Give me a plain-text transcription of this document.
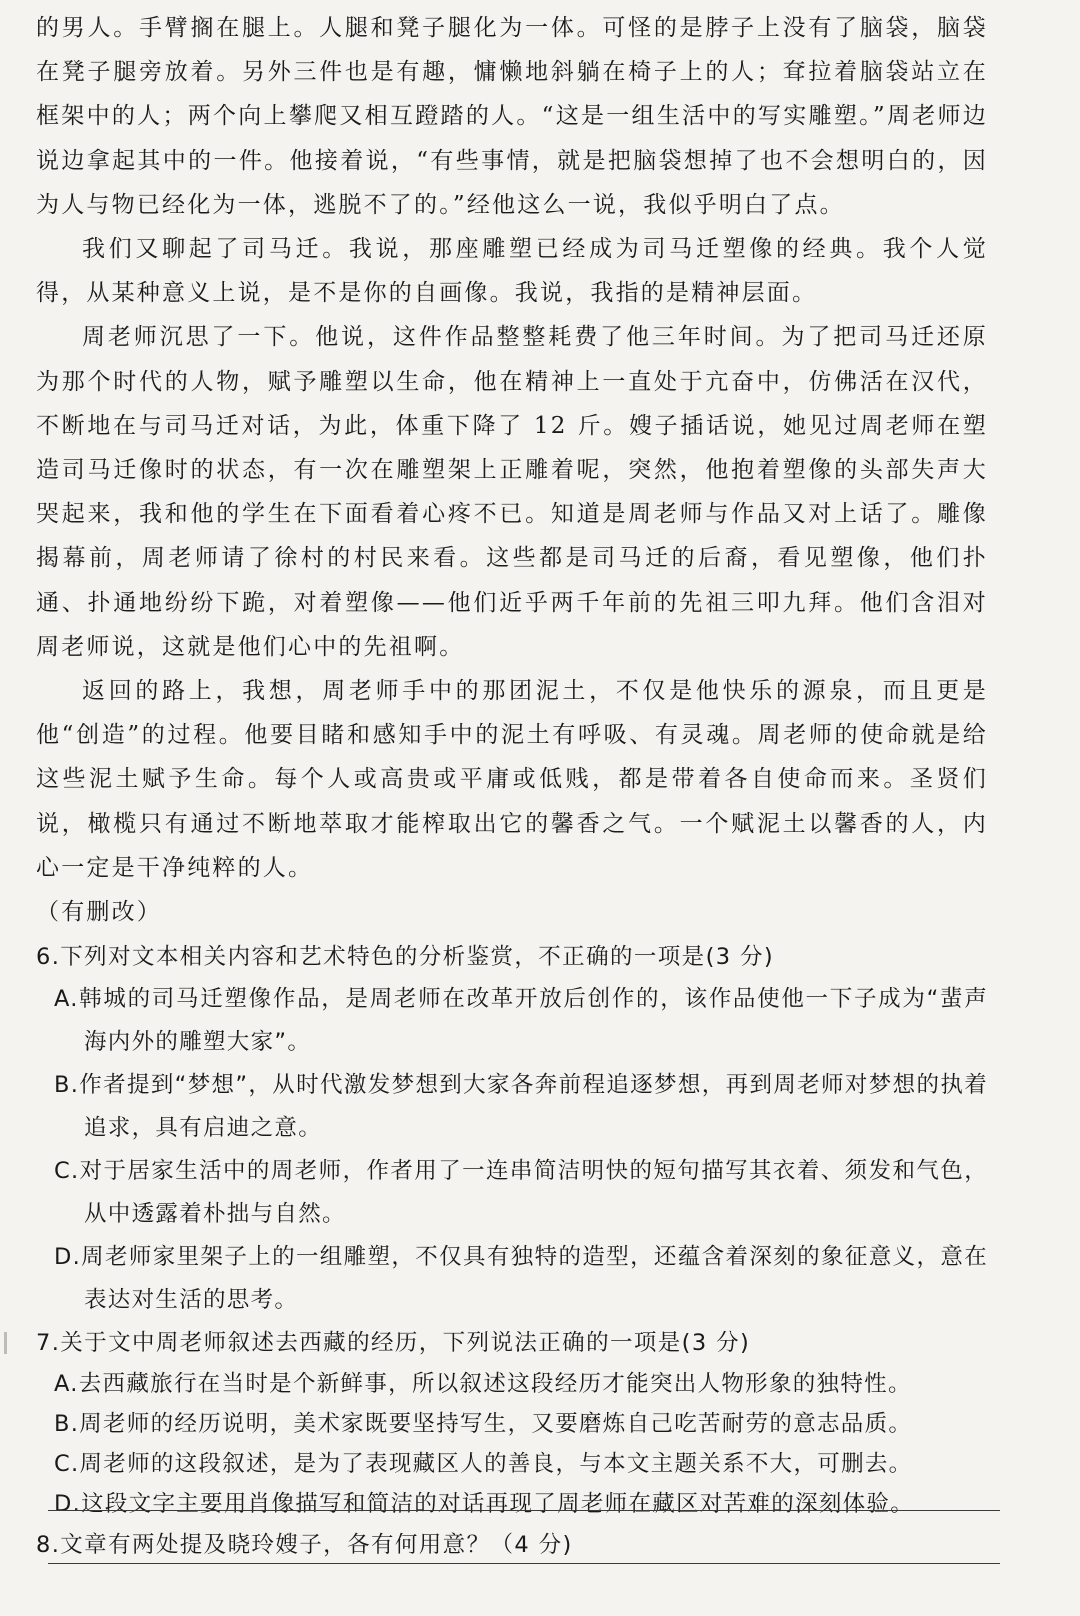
的男人。手臂搁在腿上。人腿和凳子腿化为一体。可怪的是脖子上没有了脑袋，脑袋在凳子腿旁放着。另外三件也是有趣，慵懒地斜躺在椅子上的人；耷拉着脑袋站立在框架中的人；两个向上攀爬又相互蹬踏的人。“这是一组生活中的写实雕塑。”周老师边说边拿起其中的一件。他接着说，“有些事情，就是把脑袋想掉了也不会想明白的，因为人与物已经化为一体，逃脱不了的。”经他这么一说，我似乎明白了点。

我们又聊起了司马迁。我说，那座雕塑已经成为司马迁塑像的经典。我个人觉得，从某种意义上说，是不是你的自画像。我说，我指的是精神层面。

周老师沉思了一下。他说，这件作品整整耗费了他三年时间。为了把司马迁还原为那个时代的人物，赋予雕塑以生命，他在精神上一直处于亢奋中，仿佛活在汉代，不断地在与司马迁对话，为此，体重下降了 12 斤。嫂子插话说，她见过周老师在塑造司马迁像时的状态，有一次在雕塑架上正雕着呢，突然，他抱着塑像的头部失声大哭起来，我和他的学生在下面看着心疼不已。知道是周老师与作品又对上话了。雕像揭幕前，周老师请了徐村的村民来看。这些都是司马迁的后裔，看见塑像，他们扑通、扑通地纷纷下跪，对着塑像——他们近乎两千年前的先祖三叩九拜。他们含泪对周老师说，这就是他们心中的先祖啊。

返回的路上，我想，周老师手中的那团泥土，不仅是他快乐的源泉，而且更是他“创造”的过程。他要目睹和感知手中的泥土有呼吸、有灵魂。周老师的使命就是给这些泥土赋予生命。每个人或高贵或平庸或低贱，都是带着各自使命而来。圣贤们说，橄榄只有通过不断地萃取才能榨取出它的馨香之气。一个赋泥土以馨香的人，内心一定是干净纯粹的人。

（有删改）

6.下列对文本相关内容和艺术特色的分析鉴赏，不正确的一项是(3 分)

A.韩城的司马迁塑像作品，是周老师在改革开放后创作的，该作品使他一下子成为“蜚声海内外的雕塑大家”。

B.作者提到“梦想”，从时代激发梦想到大家各奔前程追逐梦想，再到周老师对梦想的执着追求，具有启迪之意。

C.对于居家生活中的周老师，作者用了一连串简洁明快的短句描写其衣着、须发和气色，从中透露着朴拙与自然。

D.周老师家里架子上的一组雕塑，不仅具有独特的造型，还蕴含着深刻的象征意义，意在表达对生活的思考。

7.关于文中周老师叙述去西藏的经历，下列说法正确的一项是(3 分)

A.去西藏旅行在当时是个新鲜事，所以叙述这段经历才能突出人物形象的独特性。

B.周老师的经历说明，美术家既要坚持写生，又要磨炼自己吃苦耐劳的意志品质。

C.周老师的这段叙述，是为了表现藏区人的善良，与本文主题关系不大，可删去。

D.这段文字主要用肖像描写和简洁的对话再现了周老师在藏区对苦难的深刻体验。

8.文章有两处提及晓玲嫂子，各有何用意？（4 分)
